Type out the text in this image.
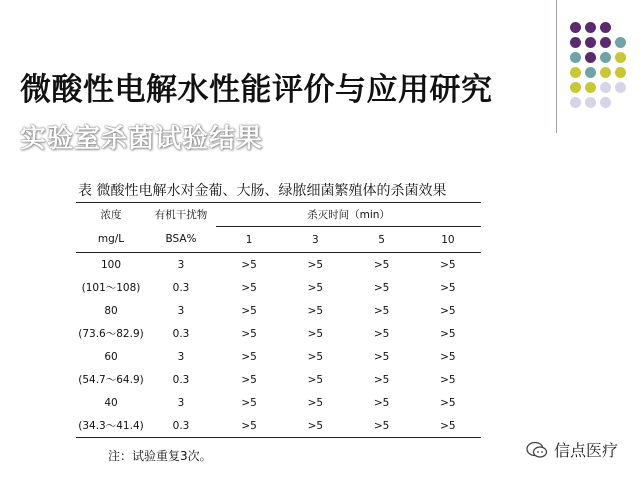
微酸性电解水性能评价与应用研究
实验室杀菌试验结果
表 微酸性电解水对金葡、大肠、绿脓细菌繁殖体的杀菌效果
浓度	有机干扰物	杀灭时间（min）			
mg/L	BSA%	1	3	5	10
100	3	>5	>5	>5	>5
(101～108)	0.3	>5	>5	>5	>5
80	3	>5	>5	>5	>5
(73.6～82.9)	0.3	>5	>5	>5	>5
60	3	>5	>5	>5	>5
(54.7～64.9)	0.3	>5	>5	>5	>5
40	3	>5	>5	>5	>5
(34.3～41.4)	0.3	>5	>5	>5	>5
注：试验重复3次。	信点医疗
